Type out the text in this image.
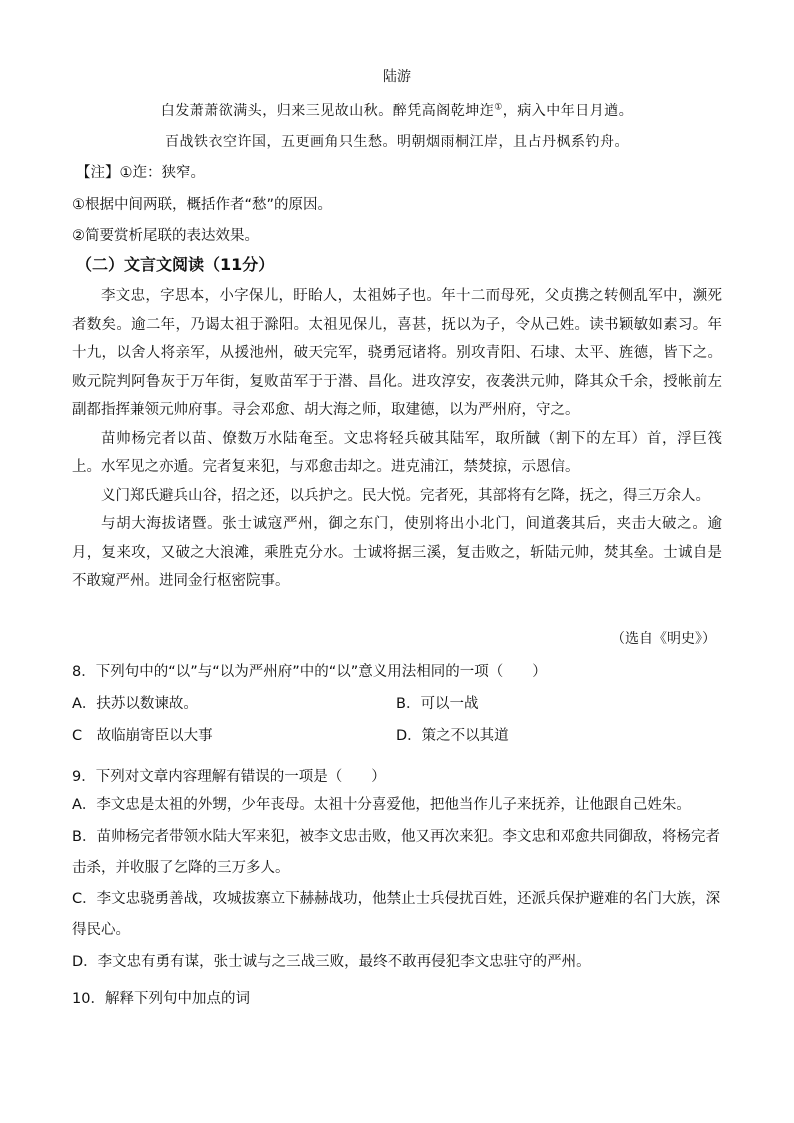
陆游
白发萧萧欲满头，归来三见故山秋。醉凭高阁乾坤迮①，病入中年日月遒。
百战铁衣空许国，五更画角只生愁。明朝烟雨桐江岸，且占丹枫系钓舟。
【注】①迮：狭窄。
①根据中间两联，概括作者“愁”的原因。
②简要赏析尾联的表达效果。
（二）文言文阅读（11分）

李文忠，字思本，小字保儿，盱眙人，太祖姊子也。年十二而母死，父贞携之转侧乱军中，濒死者数矣。逾二年，乃谒太祖于滁阳。太祖见保儿，喜甚，抚以为子，令从己姓。读书颖敏如素习。年十九，以舍人将亲军，从援池州，破天完军，骁勇冠诸将。别攻青阳、石埭、太平、旌德，皆下之。败元院判阿鲁灰于万年街，复败苗军于于潜、昌化。进攻淳安，夜袭洪元帅，降其众千余，授帐前左副都指挥兼领元帅府事。寻会邓愈、胡大海之师，取建德，以为严州府，守之。

苗帅杨完者以苗、僚数万水陆奄至。文忠将轻兵破其陆军，取所馘（割下的左耳）首，浮巨筏上。水军见之亦遁。完者复来犯，与邓愈击却之。进克浦江，禁焚掠，示恩信。

义门郑氏避兵山谷，招之还，以兵护之。民大悦。完者死，其部将有乞降，抚之，得三万余人。

与胡大海拔诸暨。张士诚寇严州，御之东门，使别将出小北门，间道袭其后，夹击大破之。逾月，复来攻，又破之大浪滩，乘胜克分水。士诚将据三溪，复击败之，斩陆元帅，焚其垒。士诚自是不敢窥严州。进同金行枢密院事。

（选自《明史》）
8．下列句中的“以”与“以为严州府”中的“以”意义用法相同的一项（　　）
A．扶苏以数谏故。	B．可以一战
C　故临崩寄臣以大事	D．策之不以其道
9．下列对文章内容理解有错误的一项是（　　）
A．李文忠是太祖的外甥，少年丧母。太祖十分喜爱他，把他当作儿子来抚养，让他跟自己姓朱。
B．苗帅杨完者带领水陆大军来犯，被李文忠击败，他又再次来犯。李文忠和邓愈共同御敌，将杨完者击杀，并收服了乞降的三万多人。
C．李文忠骁勇善战，攻城拔寨立下赫赫战功，他禁止士兵侵扰百姓，还派兵保护避难的名门大族，深得民心。
D．李文忠有勇有谋，张士诚与之三战三败，最终不敢再侵犯李文忠驻守的严州。
10．解释下列句中加点的词
